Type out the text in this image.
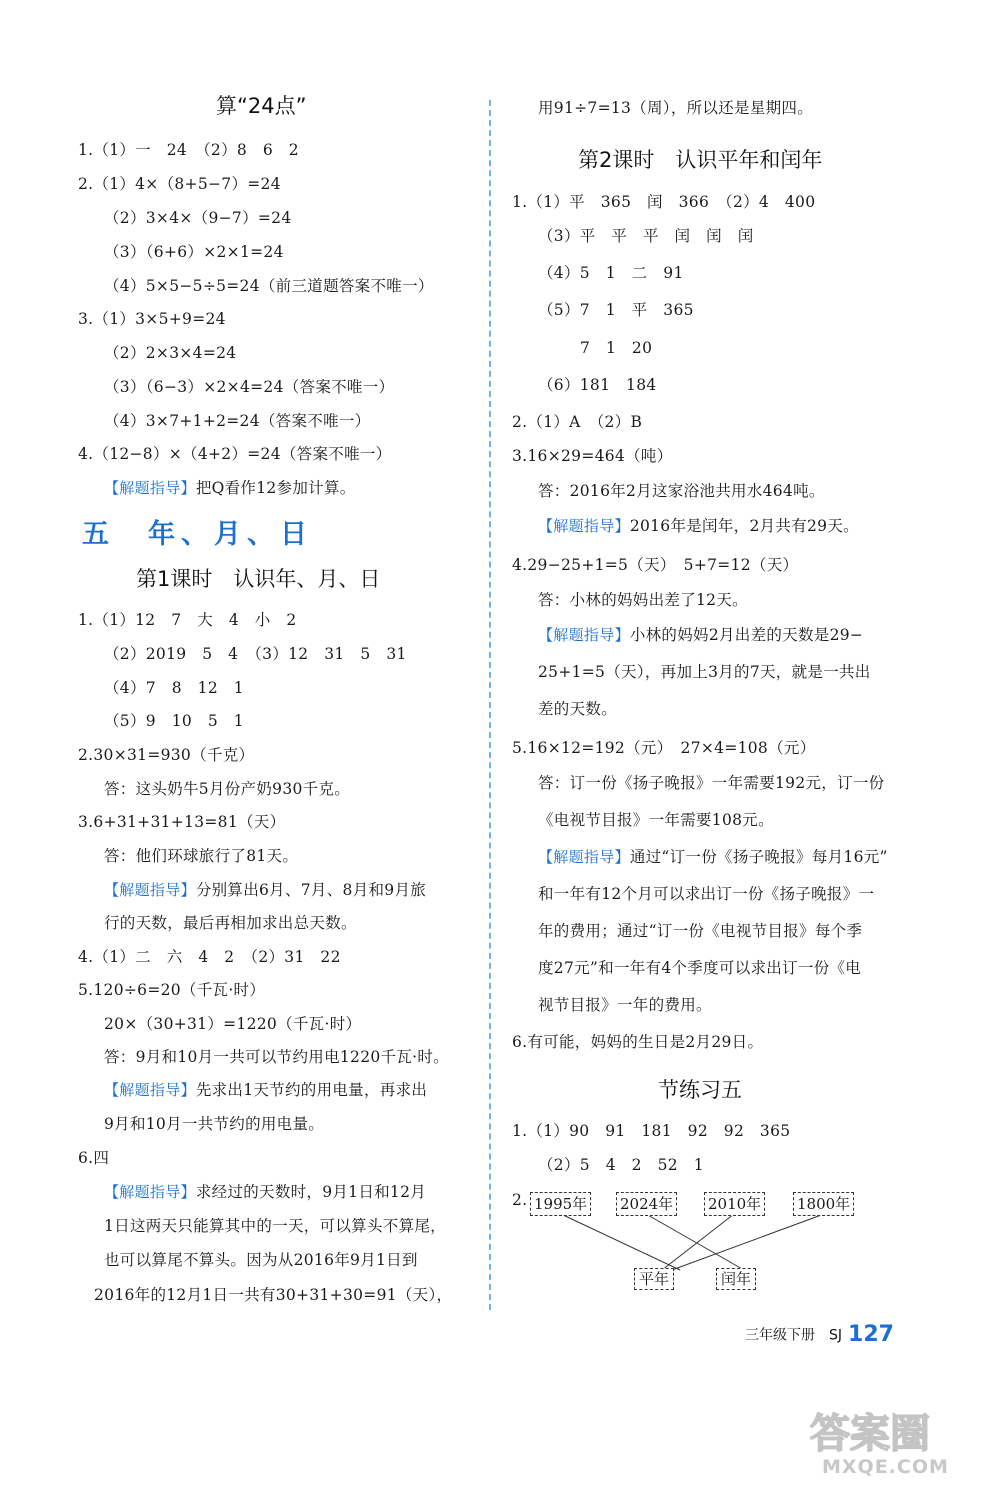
算“24点”
1.（1）一　24　（2）8　6　2
2.（1）4×（8+5−7）=24
（2）3×4×（9−7）=24
（3）（6+6）×2×1=24
（4）5×5−5÷5=24（前三道题答案不唯一）
3.（1）3×5+9=24
（2）2×3×4=24
（3）（6−3）×2×4=24（答案不唯一）
（4）3×7+1+2=24（答案不唯一）
4.（12−8）×（4+2）=24（答案不唯一）
【解题指导】把Q看作12参加计算。
五　年、月、日
第1课时　认识年、月、日
1.（1）12　7　大　4　小　2
（2）2019　5　4　（3）12　31　5　31
（4）7　8　12　1
（5）9　10　5　1
2.30×31=930（千克）
答：这头奶牛5月份产奶930千克。
3.6+31+31+13=81（天）
答：他们环球旅行了81天。
【解题指导】分别算出6月、7月、8月和9月旅
行的天数，最后再相加求出总天数。
4.（1）二　六　4　2　（2）31　22
5.120÷6=20（千瓦·时）
20×（30+31）=1220（千瓦·时）
答：9月和10月一共可以节约用电1220千瓦·时。
【解题指导】先求出1天节约的用电量，再求出
9月和10月一共节约的用电量。
6.四
【解题指导】求经过的天数时，9月1日和12月
1日这两天只能算其中的一天，可以算头不算尾，
也可以算尾不算头。因为从2016年9月1日到
2016年的12月1日一共有30+31+30=91（天），
用91÷7=13（周），所以还是星期四。
第2课时　认识平年和闰年
1.（1）平　365　闰　366　（2）4　400
（3）平　平　平　闰　闰　闰
（4）5　1　二　91
（5）7　1　平　365
7　1　20
（6）181　184
2.（1）A　（2）B
3.16×29=464（吨）
答：2016年2月这家浴池共用水464吨。
【解题指导】2016年是闰年，2月共有29天。
4.29−25+1=5（天）　5+7=12（天）
答：小林的妈妈出差了12天。
【解题指导】小林的妈妈2月出差的天数是29−
25+1=5（天），再加上3月的7天，就是一共出
差的天数。
5.16×12=192（元）　27×4=108（元）
答：订一份《扬子晚报》一年需要192元，订一份
《电视节目报》一年需要108元。
【解题指导】通过“订一份《扬子晚报》每月16元”
和一年有12个月可以求出订一份《扬子晚报》一
年的费用；通过“订一份《电视节目报》每个季
度27元”和一年有4个季度可以求出订一份《电
视节目报》一年的费用。
6.有可能，妈妈的生日是2月29日。
节练习五
1.（1）90　91　181　92　92　365
（2）5　4　2　52　1
2. 1995年 2024年 2010年 1800年
平年	闰年
三年级下册　SJ 127
答案圈
MXQE.COM
